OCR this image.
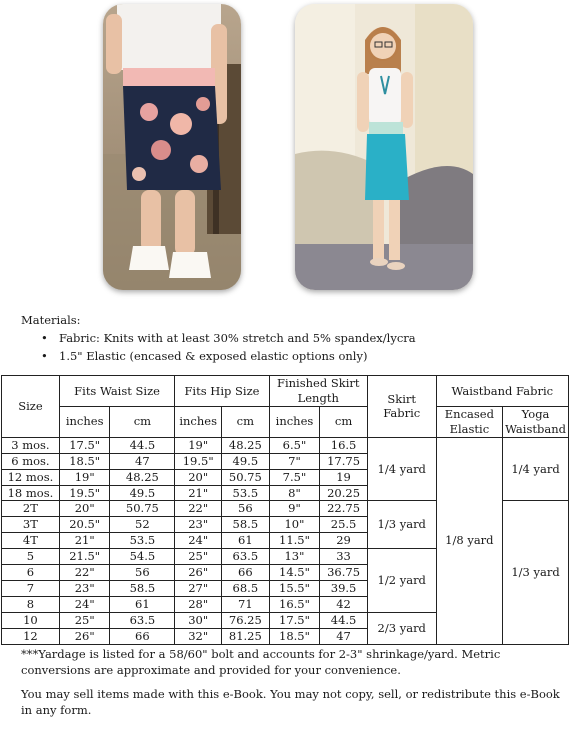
Materials:
• Fabric: Knits with at least 30% stretch and 5% spandex/lycra
• 1.5" Elastic (encased & exposed elastic options only)
Size	Fits Waist Size		Fits Hip Size		Finished Skirt Length		Skirt Fabric	Waistband Fabric	
	inches	cm	inches	cm	inches	cm		Encased Elastic	Yoga Waistband
3 mos.	17.5"	44.5	19"	48.25	6.5"	16.5	1/4 yard	1/8 yard	1/4 yard
6 mos.	18.5"	47	19.5"	49.5	7"	17.75			
12 mos.	19"	48.25	20"	50.75	7.5"	19			
18 mos.	19.5"	49.5	21"	53.5	8"	20.25			
2T	20"	50.75	22"	56	9"	22.75	1/3 yard		1/3 yard
3T	20.5"	52	23"	58.5	10"	25.5			
4T	21"	53.5	24"	61	11.5"	29			
5	21.5"	54.5	25"	63.5	13"	33	1/2 yard		
6	22"	56	26"	66	14.5"	36.75			
7	23"	58.5	27"	68.5	15.5"	39.5			
8	24"	61	28"	71	16.5"	42			
10	25"	63.5	30"	76.25	17.5"	44.5	2/3 yard		
12	26"	66	32"	81.25	18.5"	47			

***Yardage is listed for a 58/60" bolt and accounts for 2-3" shrinkage/yard. Metric conversions are approximate and provided for your convenience.

You may sell items made with this e-Book. You may not copy, sell, or redistribute this e-Book in any form.
